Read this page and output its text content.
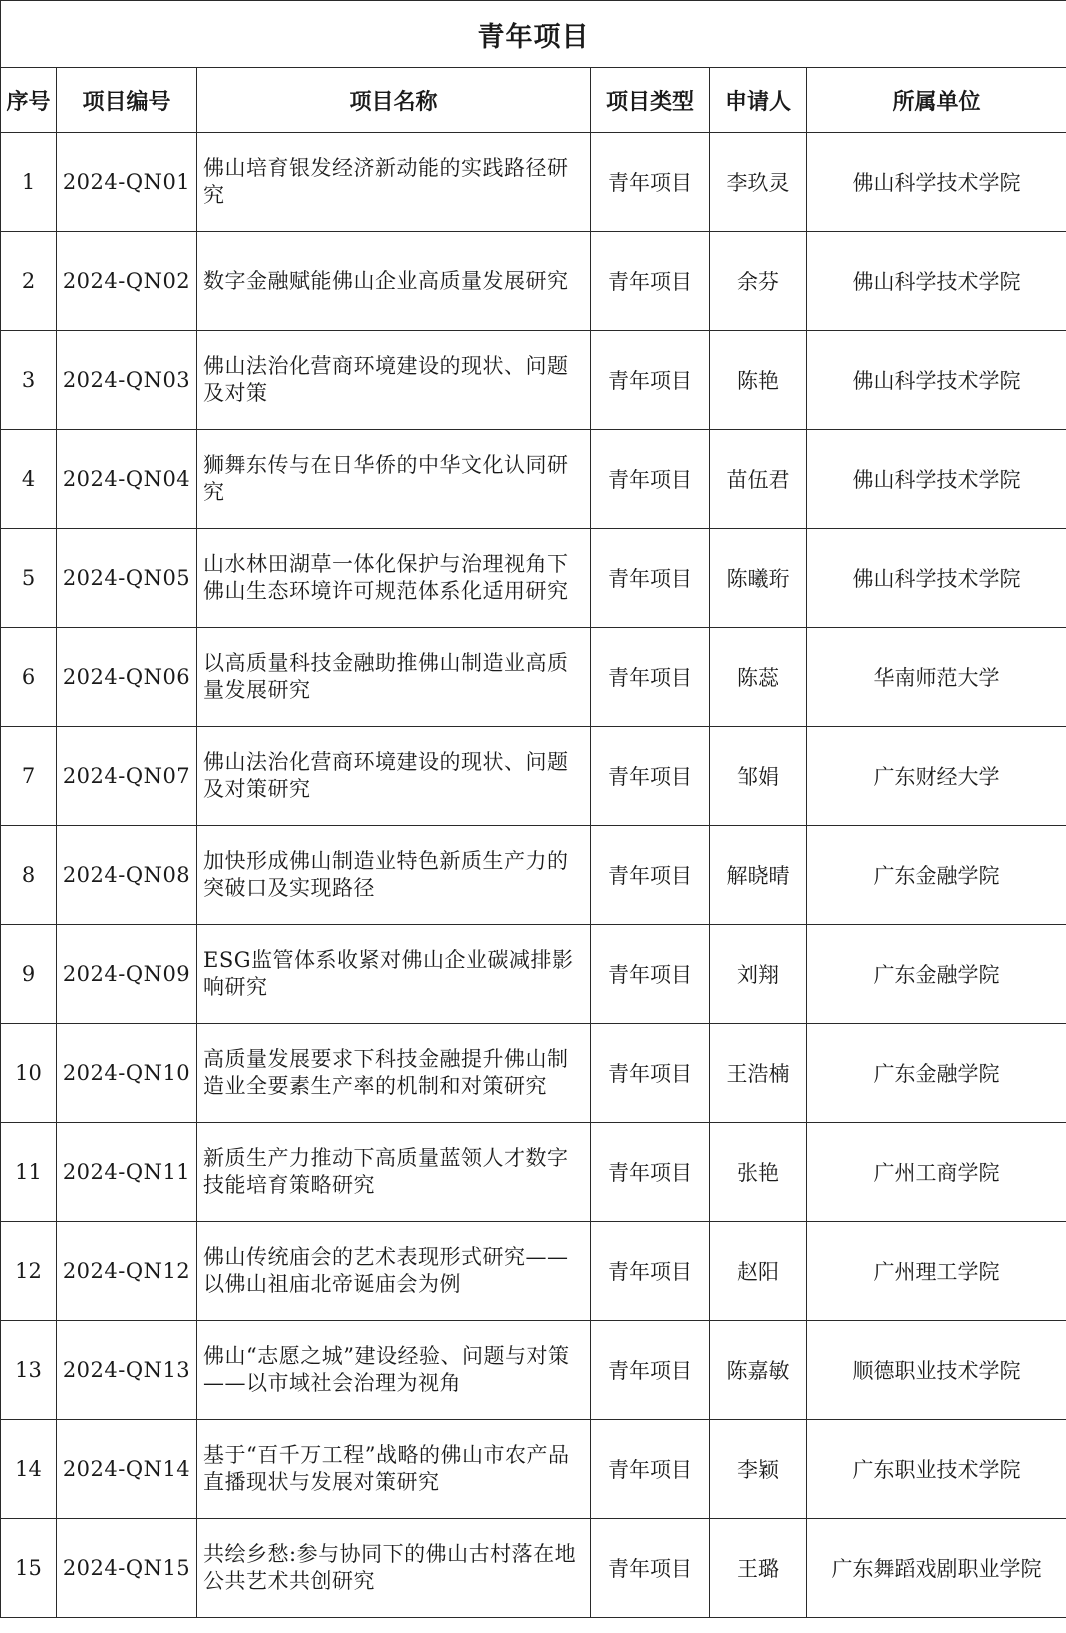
青年项目					
序号	项目编号	项目名称	项目类型	申请人	所属单位
1	2024-QN01	佛山培育银发经济新动能的实践路径研究	青年项目	李玖灵	佛山科学技术学院
2	2024-QN02	数字金融赋能佛山企业高质量发展研究	青年项目	余芬	佛山科学技术学院
3	2024-QN03	佛山法治化营商环境建设的现状、问题及对策	青年项目	陈艳	佛山科学技术学院
4	2024-QN04	狮舞东传与在日华侨的中华文化认同研究	青年项目	苗伍君	佛山科学技术学院
5	2024-QN05	山水林田湖草一体化保护与治理视角下佛山生态环境许可规范体系化适用研究	青年项目	陈曦珩	佛山科学技术学院
6	2024-QN06	以高质量科技金融助推佛山制造业高质量发展研究	青年项目	陈蕊	华南师范大学
7	2024-QN07	佛山法治化营商环境建设的现状、问题及对策研究	青年项目	邹娟	广东财经大学
8	2024-QN08	加快形成佛山制造业特色新质生产力的突破口及实现路径	青年项目	解晓晴	广东金融学院
9	2024-QN09	ESG监管体系收紧对佛山企业碳减排影响研究	青年项目	刘翔	广东金融学院
10	2024-QN10	高质量发展要求下科技金融提升佛山制造业全要素生产率的机制和对策研究	青年项目	王浩楠	广东金融学院
11	2024-QN11	新质生产力推动下高质量蓝领人才数字技能培育策略研究	青年项目	张艳	广州工商学院
12	2024-QN12	佛山传统庙会的艺术表现形式研究——以佛山祖庙北帝诞庙会为例	青年项目	赵阳	广州理工学院
13	2024-QN13	佛山“志愿之城”建设经验、问题与对策——以市域社会治理为视角	青年项目	陈嘉敏	顺德职业技术学院
14	2024-QN14	基于“百千万工程”战略的佛山市农产品直播现状与发展对策研究	青年项目	李颖	广东职业技术学院
15	2024-QN15	共绘乡愁:参与协同下的佛山古村落在地公共艺术共创研究	青年项目	王璐	广东舞蹈戏剧职业学院
